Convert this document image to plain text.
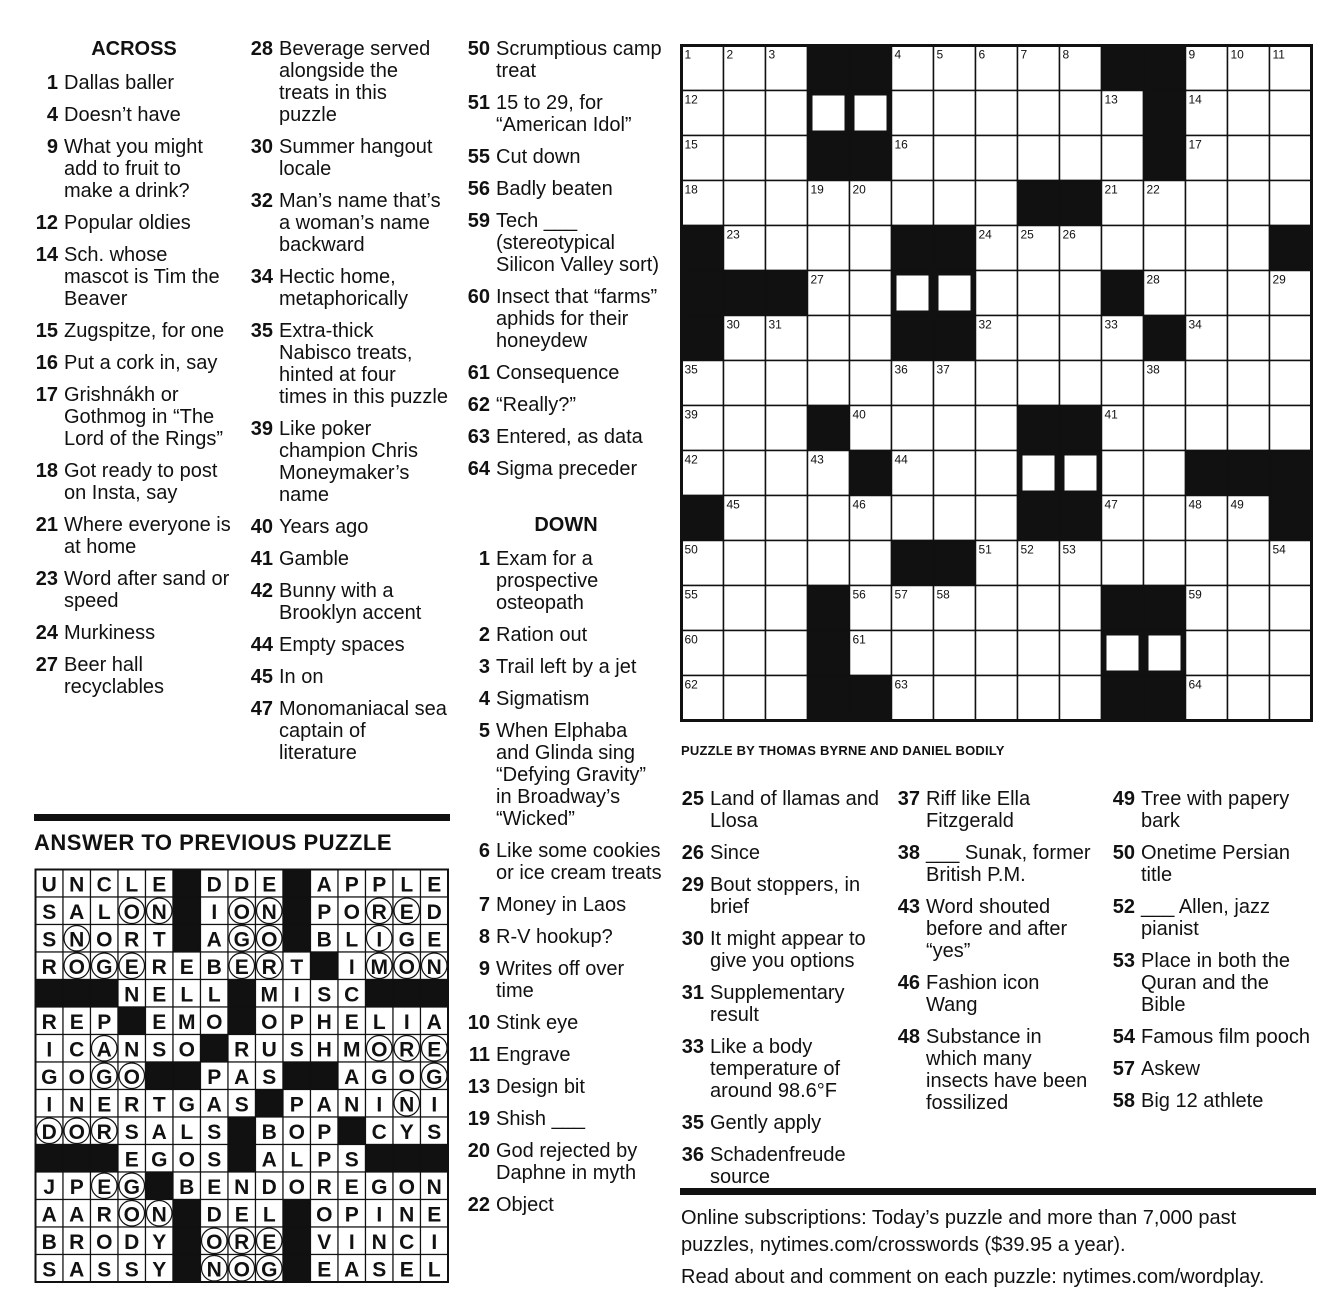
ACROSS
1 Dallas baller
4 Doesn’t have
9 What you might add to fruit to make a drink?
12 Popular oldies
14 Sch. whose mascot is Tim the Beaver
15 Zugspitze, for one
16 Put a cork in, say
17 Grishnákh or Gothmog in “The Lord of the Rings”
18 Got ready to post on Insta, say
21 Where everyone is at home
23 Word after sand or speed
24 Murkiness
27 Beer hall recyclables
28 Beverage served alongside the treats in this puzzle
30 Summer hangout locale
32 Man’s name that’s a woman’s name backward
34 Hectic home, metaphorically
35 Extra-thick Nabisco treats, hinted at four times in this puzzle
39 Like poker champion Chris Moneymaker’s name
40 Years ago
41 Gamble
42 Bunny with a Brooklyn accent
44 Empty spaces
45 In on
47 Monomaniacal sea captain of literature
50 Scrumptious camp treat
51 15 to 29, for “American Idol”
55 Cut down
56 Badly beaten
59 Tech ___ (stereotypical Silicon Valley sort)
60 Insect that “farms” aphids for their honeydew
61 Consequence
62 “Really?”
63 Entered, as data
64 Sigma preceder
DOWN
1 Exam for a prospective osteopath
2 Ration out
3 Trail left by a jet
4 Sigmatism
5 When Elphaba and Glinda sing “Defying Gravity” in Broadway’s “Wicked”
6 Like some cookies or ice cream treats
7 Money in Laos
8 R-V hookup?
9 Writes off over time
10 Stink eye
11 Engrave
13 Design bit
19 Shish ___
20 God rejected by Daphne in myth
22 Object
25 Land of llamas and Llosa
26 Since
29 Bout stoppers, in brief
30 It might appear to give you options
31 Supplementary result
33 Like a body temperature of around 98.6°F
35 Gently apply
36 Schadenfreude source
37 Riff like Ella Fitzgerald
38 ___ Sunak, former British P.M.
43 Word shouted before and after “yes”
46 Fashion icon Wang
48 Substance in which many insects have been fossilized
49 Tree with papery bark
50 Onetime Persian title
52 ___ Allen, jazz pianist
53 Place in both the Quran and the Bible
54 Famous film pooch
57 Askew
58 Big 12 athlete
1	2	3	4	5	6	7	8	9	10 11
12	13	14
15	16	17
18	19 20	21 22
23	24 25 26
27	28	29
30 31	32	33	34
35	36 37	38
39	40	41
42	43	44
45	46	47	48 49
50	51 52 53	54
55	56 57 58	59
60	61
62	63	64
PUZZLE BY THOMAS BYRNE AND DANIEL BODILY
ANSWER TO PREVIOUS PUZZLE
U N C L E D D E A P P L E
S A L O N I O N P O R E D
S N O R T A G O B L I G E
R O G E R E B E R T I M O N
N E L L M I S C
R E P E M O O P H E L I A
I C A N S O R U S H M O R E
G O G O	P A S	A G O G
I N E R T G A S P A N I N I
D O R S A L S B O P C Y S
E G O S A L P S
J P E G B E N D O R E G O N
A A R O N D E L O P I N E
B R O D Y O R E V I N C I
S A S S Y N O G E A S E L
Online subscriptions: Today’s puzzle and more than 7,000 past
puzzles, nytimes.com/crosswords ($39.95 a year).
Read about and comment on each puzzle: nytimes.com/wordplay.
